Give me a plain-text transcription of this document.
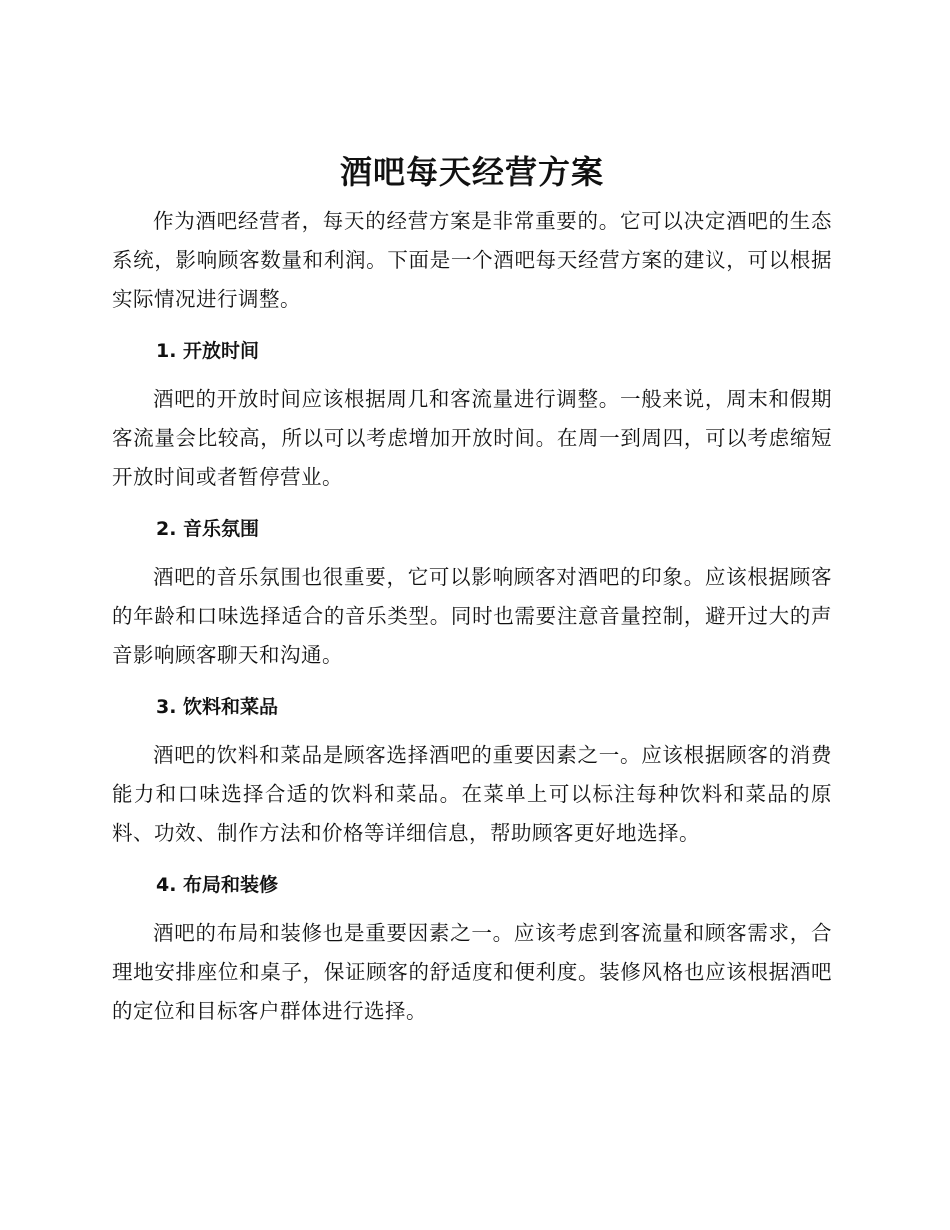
酒吧每天经营方案

作为酒吧经营者，每天的经营方案是非常重要的。它可以决定酒吧的生态系统，影响顾客数量和利润。下面是一个酒吧每天经营方案的建议，可以根据实际情况进行调整。

1. 开放时间

酒吧的开放时间应该根据周几和客流量进行调整。一般来说，周末和假期客流量会比较高，所以可以考虑增加开放时间。在周一到周四，可以考虑缩短开放时间或者暂停营业。

2. 音乐氛围

酒吧的音乐氛围也很重要，它可以影响顾客对酒吧的印象。应该根据顾客的年龄和口味选择适合的音乐类型。同时也需要注意音量控制，避开过大的声音影响顾客聊天和沟通。

3. 饮料和菜品

酒吧的饮料和菜品是顾客选择酒吧的重要因素之一。应该根据顾客的消费能力和口味选择合适的饮料和菜品。在菜单上可以标注每种饮料和菜品的原料、功效、制作方法和价格等详细信息，帮助顾客更好地选择。

4. 布局和装修

酒吧的布局和装修也是重要因素之一。应该考虑到客流量和顾客需求，合理地安排座位和桌子，保证顾客的舒适度和便利度。装修风格也应该根据酒吧的定位和目标客户群体进行选择。
